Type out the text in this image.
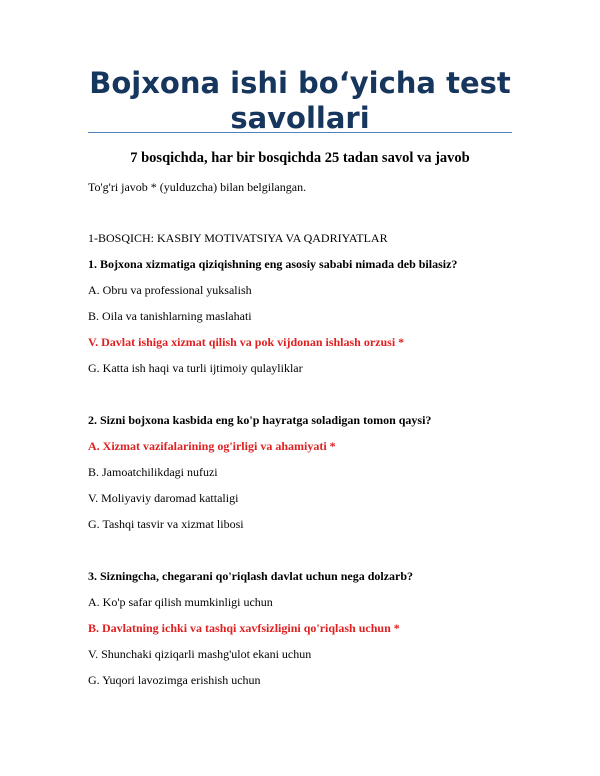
Bojxona ishi bo‘yicha test savollari
7 bosqichda, har bir bosqichda 25 tadan savol va javob
To'g'ri javob * (yulduzcha) bilan belgilangan.
1-BOSQICH: KASBIY MOTIVATSIYA VA QADRIYATLAR
1. Bojxona xizmatiga qiziqishning eng asosiy sababi nimada deb bilasiz?
A. Obru va professional yuksalish
B. Oila va tanishlarning maslahati
V. Davlat ishiga xizmat qilish va pok vijdonan ishlash orzusi *
G. Katta ish haqi va turli ijtimoiy qulayliklar
2. Sizni bojxona kasbida eng ko'p hayratga soladigan tomon qaysi?
A. Xizmat vazifalarining og'irligi va ahamiyati *
B. Jamoatchilikdagi nufuzi
V. Moliyaviy daromad kattaligi
G. Tashqi tasvir va xizmat libosi
3. Sizningcha, chegarani qo'riqlash davlat uchun nega dolzarb?
A. Ko'p safar qilish mumkinligi uchun
B. Davlatning ichki va tashqi xavfsizligini qo'riqlash uchun *
V. Shunchaki qiziqarli mashg'ulot ekani uchun
G. Yuqori lavozimga erishish uchun
